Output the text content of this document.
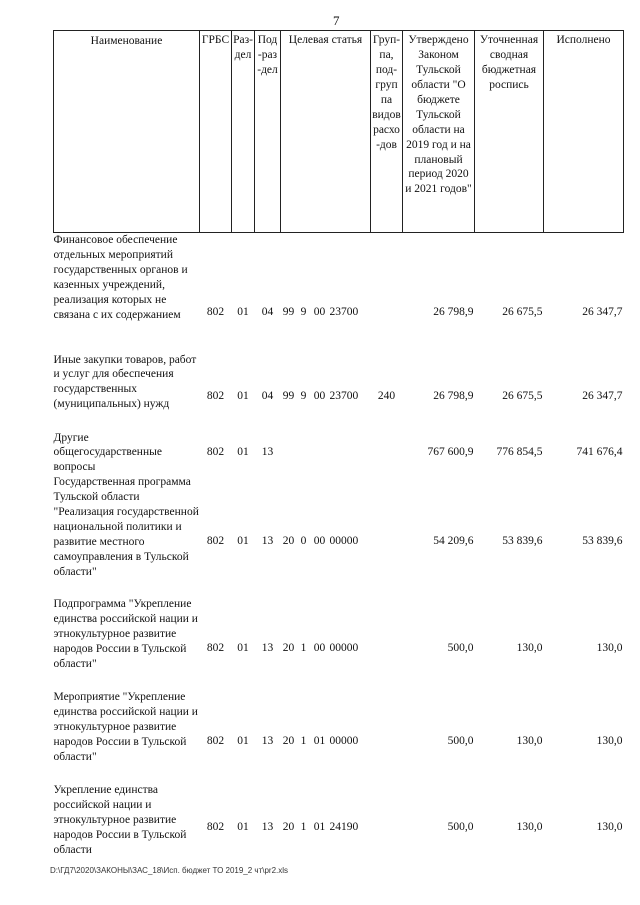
7
Наименование	ГРБС	Раз-дел	Под-раз-дел	Целевая статья				Груп-па, под-груп па видов расхо-дов	Утверждено Законом Тульской области "О бюджете Тульской области на 2019 год и на плановый период 2020 и 2021 годов"	Уточненная сводная бюджетная роспись	Исполнено
Финансовое обеспечение отдельных мероприятий государственных органов и казенных учреждений, реализация которых не связана с их содержанием	802	01	04	99	9	00	23700		26 798,9	26 675,5	26 347,7
Иные закупки товаров, работ и услуг для обеспечения государственных (муниципальных) нужд	802	01	04	99	9	00	23700	240	26 798,9	26 675,5	26 347,7
Другие общегосударственные вопросы	802	01	13						767 600,9	776 854,5	741 676,4
Государственная программа Тульской области "Реализация государственной национальной политики и развитие местного самоуправления в Тульской области"	802	01	13	20	0	00	00000		54 209,6	53 839,6	53 839,6
Подпрограмма "Укрепление единства российской нации и этнокультурное развитие народов России в Тульской области"	802	01	13	20	1	00	00000		500,0	130,0	130,0
Мероприятие "Укрепление единства российской нации и этнокультурное развитие народов России в Тульской области"	802	01	13	20	1	01	00000		500,0	130,0	130,0
Укрепление единства российской нации и этнокультурное развитие народов России в Тульской области	802	01	13	20	1	01	24190		500,0	130,0	130,0
D:\ГД7\2020\ЗАКОНЫ\ЗАС_18\Исп. бюджет ТО 2019_2 чт\pr2.xls
